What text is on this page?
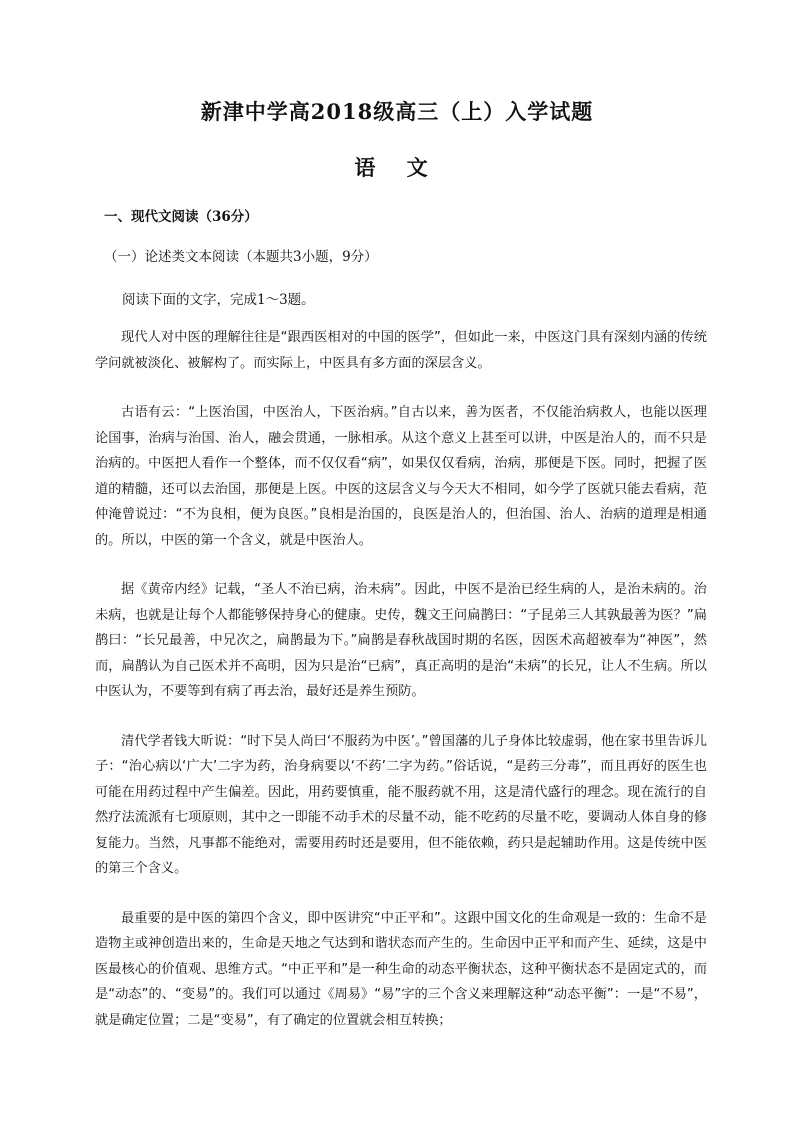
新津中学高2018级高三（上）入学试题
语 文
一、现代文阅读（36分）
（一）论述类文本阅读（本题共3小题，9分）
阅读下面的文字，完成1～3题。

现代人对中医的理解往往是“跟西医相对的中国的医学”，但如此一来，中医这门具有深刻内涵的传统学问就被淡化、被解构了。而实际上，中医具有多方面的深层含义。

古语有云：“上医治国，中医治人，下医治病。”自古以来，善为医者，不仅能治病救人，也能以医理论国事，治病与治国、治人，融会贯通，一脉相承。从这个意义上甚至可以讲，中医是治人的，而不只是治病的。中医把人看作一个整体，而不仅仅看“病”，如果仅仅看病，治病，那便是下医。同时，把握了医道的精髓，还可以去治国，那便是上医。中医的这层含义与今天大不相同，如今学了医就只能去看病，范仲淹曾说过：“不为良相，便为良医。”良相是治国的，良医是治人的，但治国、治人、治病的道理是相通的。所以，中医的第一个含义，就是中医治人。

据《黄帝内经》记载，“圣人不治已病，治未病”。因此，中医不是治已经生病的人，是治未病的。治未病，也就是让每个人都能够保持身心的健康。史传，魏文王问扁鹊曰：“子昆弟三人其孰最善为医？”扁鹊曰：“长兄最善，中兄次之，扁鹊最为下。”扁鹊是春秋战国时期的名医，因医术高超被奉为“神医”，然而，扁鹊认为自己医术并不高明，因为只是治“已病”，真正高明的是治“未病”的长兄，让人不生病。所以中医认为，不要等到有病了再去治，最好还是养生预防。

清代学者钱大昕说：“时下吴人尚曰‘不服药为中医’。”曾国藩的儿子身体比较虚弱，他在家书里告诉儿子：“治心病以‘广大’二字为药，治身病要以‘不药’二字为药。”俗话说，“是药三分毒”，而且再好的医生也可能在用药过程中产生偏差。因此，用药要慎重，能不服药就不用，这是清代盛行的理念。现在流行的自然疗法流派有七项原则，其中之一即能不动手术的尽量不动，能不吃药的尽量不吃，要调动人体自身的修复能力。当然，凡事都不能绝对，需要用药时还是要用，但不能依赖，药只是起辅助作用。这是传统中医的第三个含义。

最重要的是中医的第四个含义，即中医讲究“中正平和”。这跟中国文化的生命观是一致的：生命不是造物主或神创造出来的，生命是天地之气达到和谐状态而产生的。生命因中正平和而产生、延续，这是中医最核心的价值观、思维方式。“中正平和”是一种生命的动态平衡状态，这种平衡状态不是固定式的，而是“动态”的、“变易”的。我们可以通过《周易》“易”字的三个含义来理解这种“动态平衡”：一是“不易”，就是确定位置；二是“变易”，有了确定的位置就会相互转换；
